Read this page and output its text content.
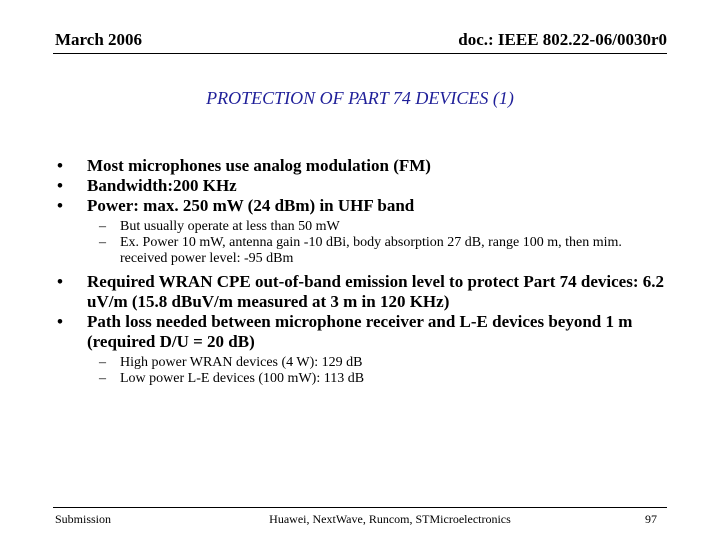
March 2006	doc.: IEEE 802.22-06/0030r0
PROTECTION OF PART 74 DEVICES (1)
• Most microphones use analog modulation (FM)
• Bandwidth:200 KHz
• Power: max. 250 mW (24 dBm) in UHF band
– But usually operate at less than 50 mW
– Ex. Power 10 mW, antenna gain -10 dBi, body absorption 27 dB, range 100 m, then mim. received power level: -95 dBm
• Required WRAN CPE out-of-band emission level to protect Part 74 devices: 6.2 uV/m (15.8 dBuV/m measured at 3 m in 120 KHz)
• Path loss needed between microphone receiver and L-E devices beyond 1 m (required D/U = 20 dB)
– High power WRAN devices (4 W): 129 dB
– Low power L-E devices (100 mW): 113 dB
Submission	Huawei, NextWave, Runcom, STMicroelectronics	97
